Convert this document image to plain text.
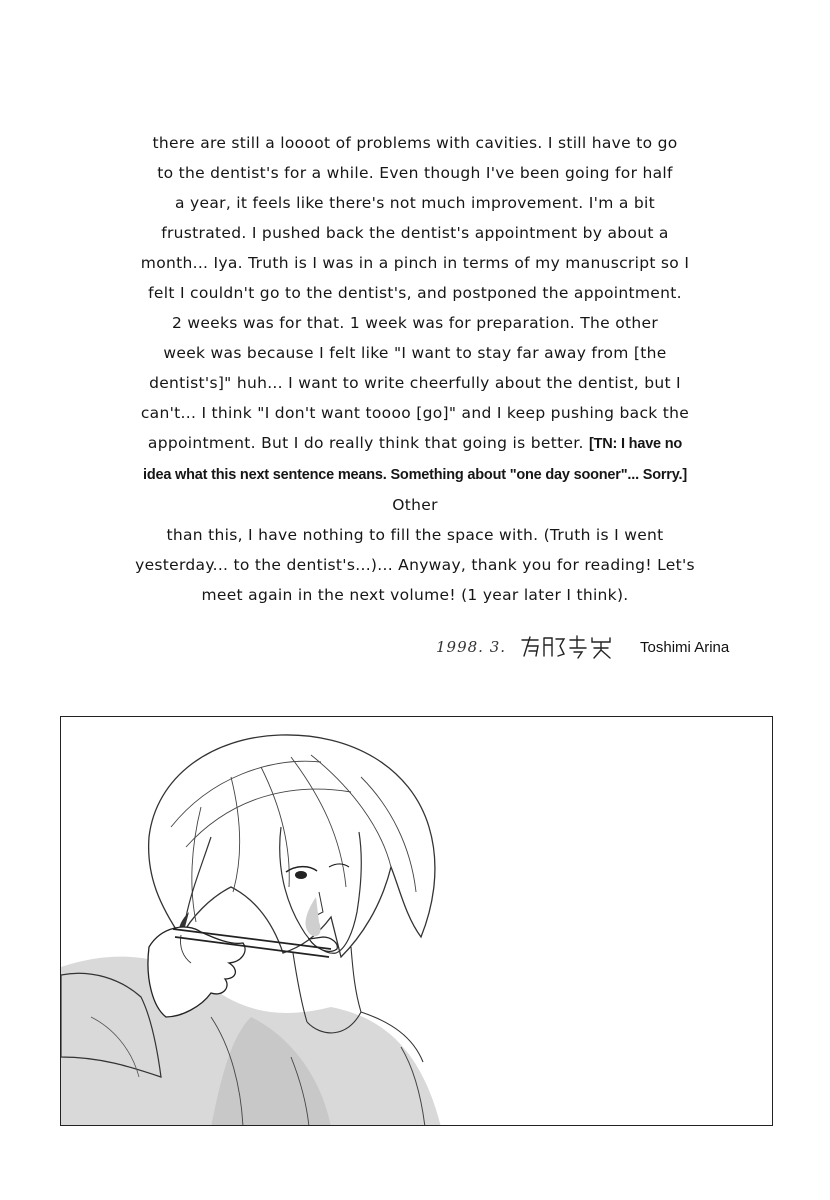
there are still a loooot of problems with cavities. I still have to go
to the dentist's for a while. Even though I've been going for half
a year, it feels like there's not much improvement. I'm a bit
frustrated. I pushed back the dentist's appointment by about a
month... Iya. Truth is I was in a pinch in terms of my manuscript so I
felt I couldn't go to the dentist's, and postponed the appointment.
2 weeks was for that. 1 week was for preparation. The other
week was because I felt like "I want to stay far away from [the
dentist's]" huh... I want to write cheerfully about the dentist, but I
can't... I think "I don't want toooo [go]" and I keep pushing back the
appointment. But I do really think that going is better. [TN: I have no
idea what this next sentence means. Something about "one day sooner"... Sorry.] Other
than this, I have nothing to fill the space with. (Truth is I went
yesterday... to the dentist's...)... Anyway, thank you for reading! Let's
meet again in the next volume! (1 year later I think).
1998. 3.	Toshimi Arina
